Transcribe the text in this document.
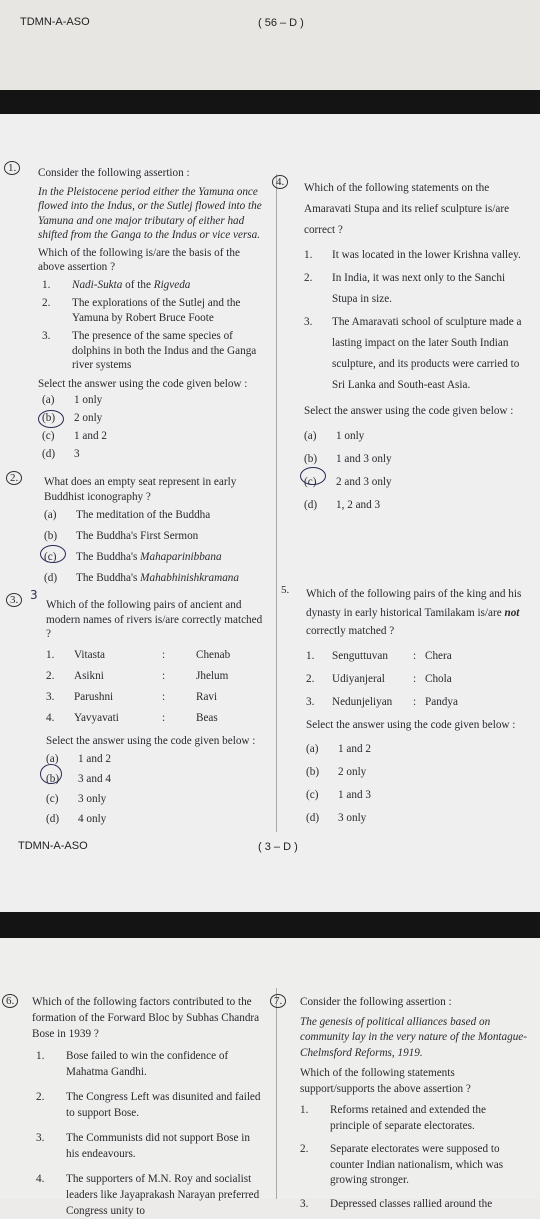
TDMN-A-ASO	( 56 – D )
1.	Consider the following assertion :

In the Pleistocene period either the Yamuna once flowed into the Indus, or the Sutlej flowed into the Yamuna and one major tributary of either had shifted from the Ganga to the Indus or vice versa.

Which of the following is/are the basis of the above assertion ?

1. Nadi-Sukta of the Rigveda
2. The explorations of the Sutlej and the Yamuna by Robert Bruce Foote
3. The presence of the same species of dolphins in both the Indus and the Ganga river systems

Select the answer using the code given below :

(a) 1 only
(b) 2 only
(c) 1 and 2
(d) 3
2.	What does an empty seat represent in early Buddhist iconography ?

(a) The meditation of the Buddha
(b) The Buddha's First Sermon
(c) The Buddha's Mahaparinibbana
(d) The Buddha's Mahabhinishkramana
3. 3

Which of the following pairs of ancient and modern names of rivers is/are correctly matched ?

1. Vitasta	:	Chenab
2. Asikni	:	Jhelum
3. Parushni	:	Ravi
4. Yavyavati	:	Beas

Select the answer using the code given below :

(a) 1 and 2
(b) 3 and 4
(c) 3 only
(d) 4 only
4.	Which of the following statements on the Amaravati Stupa and its relief sculpture is/are correct ?

1. It was located in the lower Krishna valley.
2. In India, it was next only to the Sanchi Stupa in size.
3. The Amaravati school of sculpture made a lasting impact on the later South Indian sculpture, and its products were carried to Sri Lanka and South-east Asia.

Select the answer using the code given below :

(a) 1 only
(b) 1 and 3 only
(c) 2 and 3 only
(d) 1, 2 and 3
5. Which of the following pairs of the king and his dynasty in early historical Tamilakam is/are not correctly matched ?

1. Senguttuvan : Chera
2. Udiyanjeral	: Chola
3. Nedunjeliyan : Pandya

Select the answer using the code given below :

(a) 1 and 2
(b) 2 only
(c) 1 and 3
(d) 3 only
TDMN-A-ASO	( 3 – D )
6.	Which of the following factors contributed to the formation of the Forward Bloc by Subhas Chandra Bose in 1939 ?

1. Bose failed to win the confidence of Mahatma Gandhi.
2. The Congress Left was disunited and failed to support Bose.
3. The Communists did not support Bose in his endeavours.
4. The supporters of M.N. Roy and socialist leaders like Jayaprakash Narayan preferred Congress unity to
7.	Consider the following assertion :

The genesis of political alliances based on community lay in the very nature of the Montague-Chelmsford Reforms, 1919.

Which of the following statements support/supports the above assertion ?

1. Reforms retained and extended the principle of separate electorates.
2. Separate electorates were supposed to counter Indian nationalism, which was growing stronger.
3. Depressed classes rallied around the
